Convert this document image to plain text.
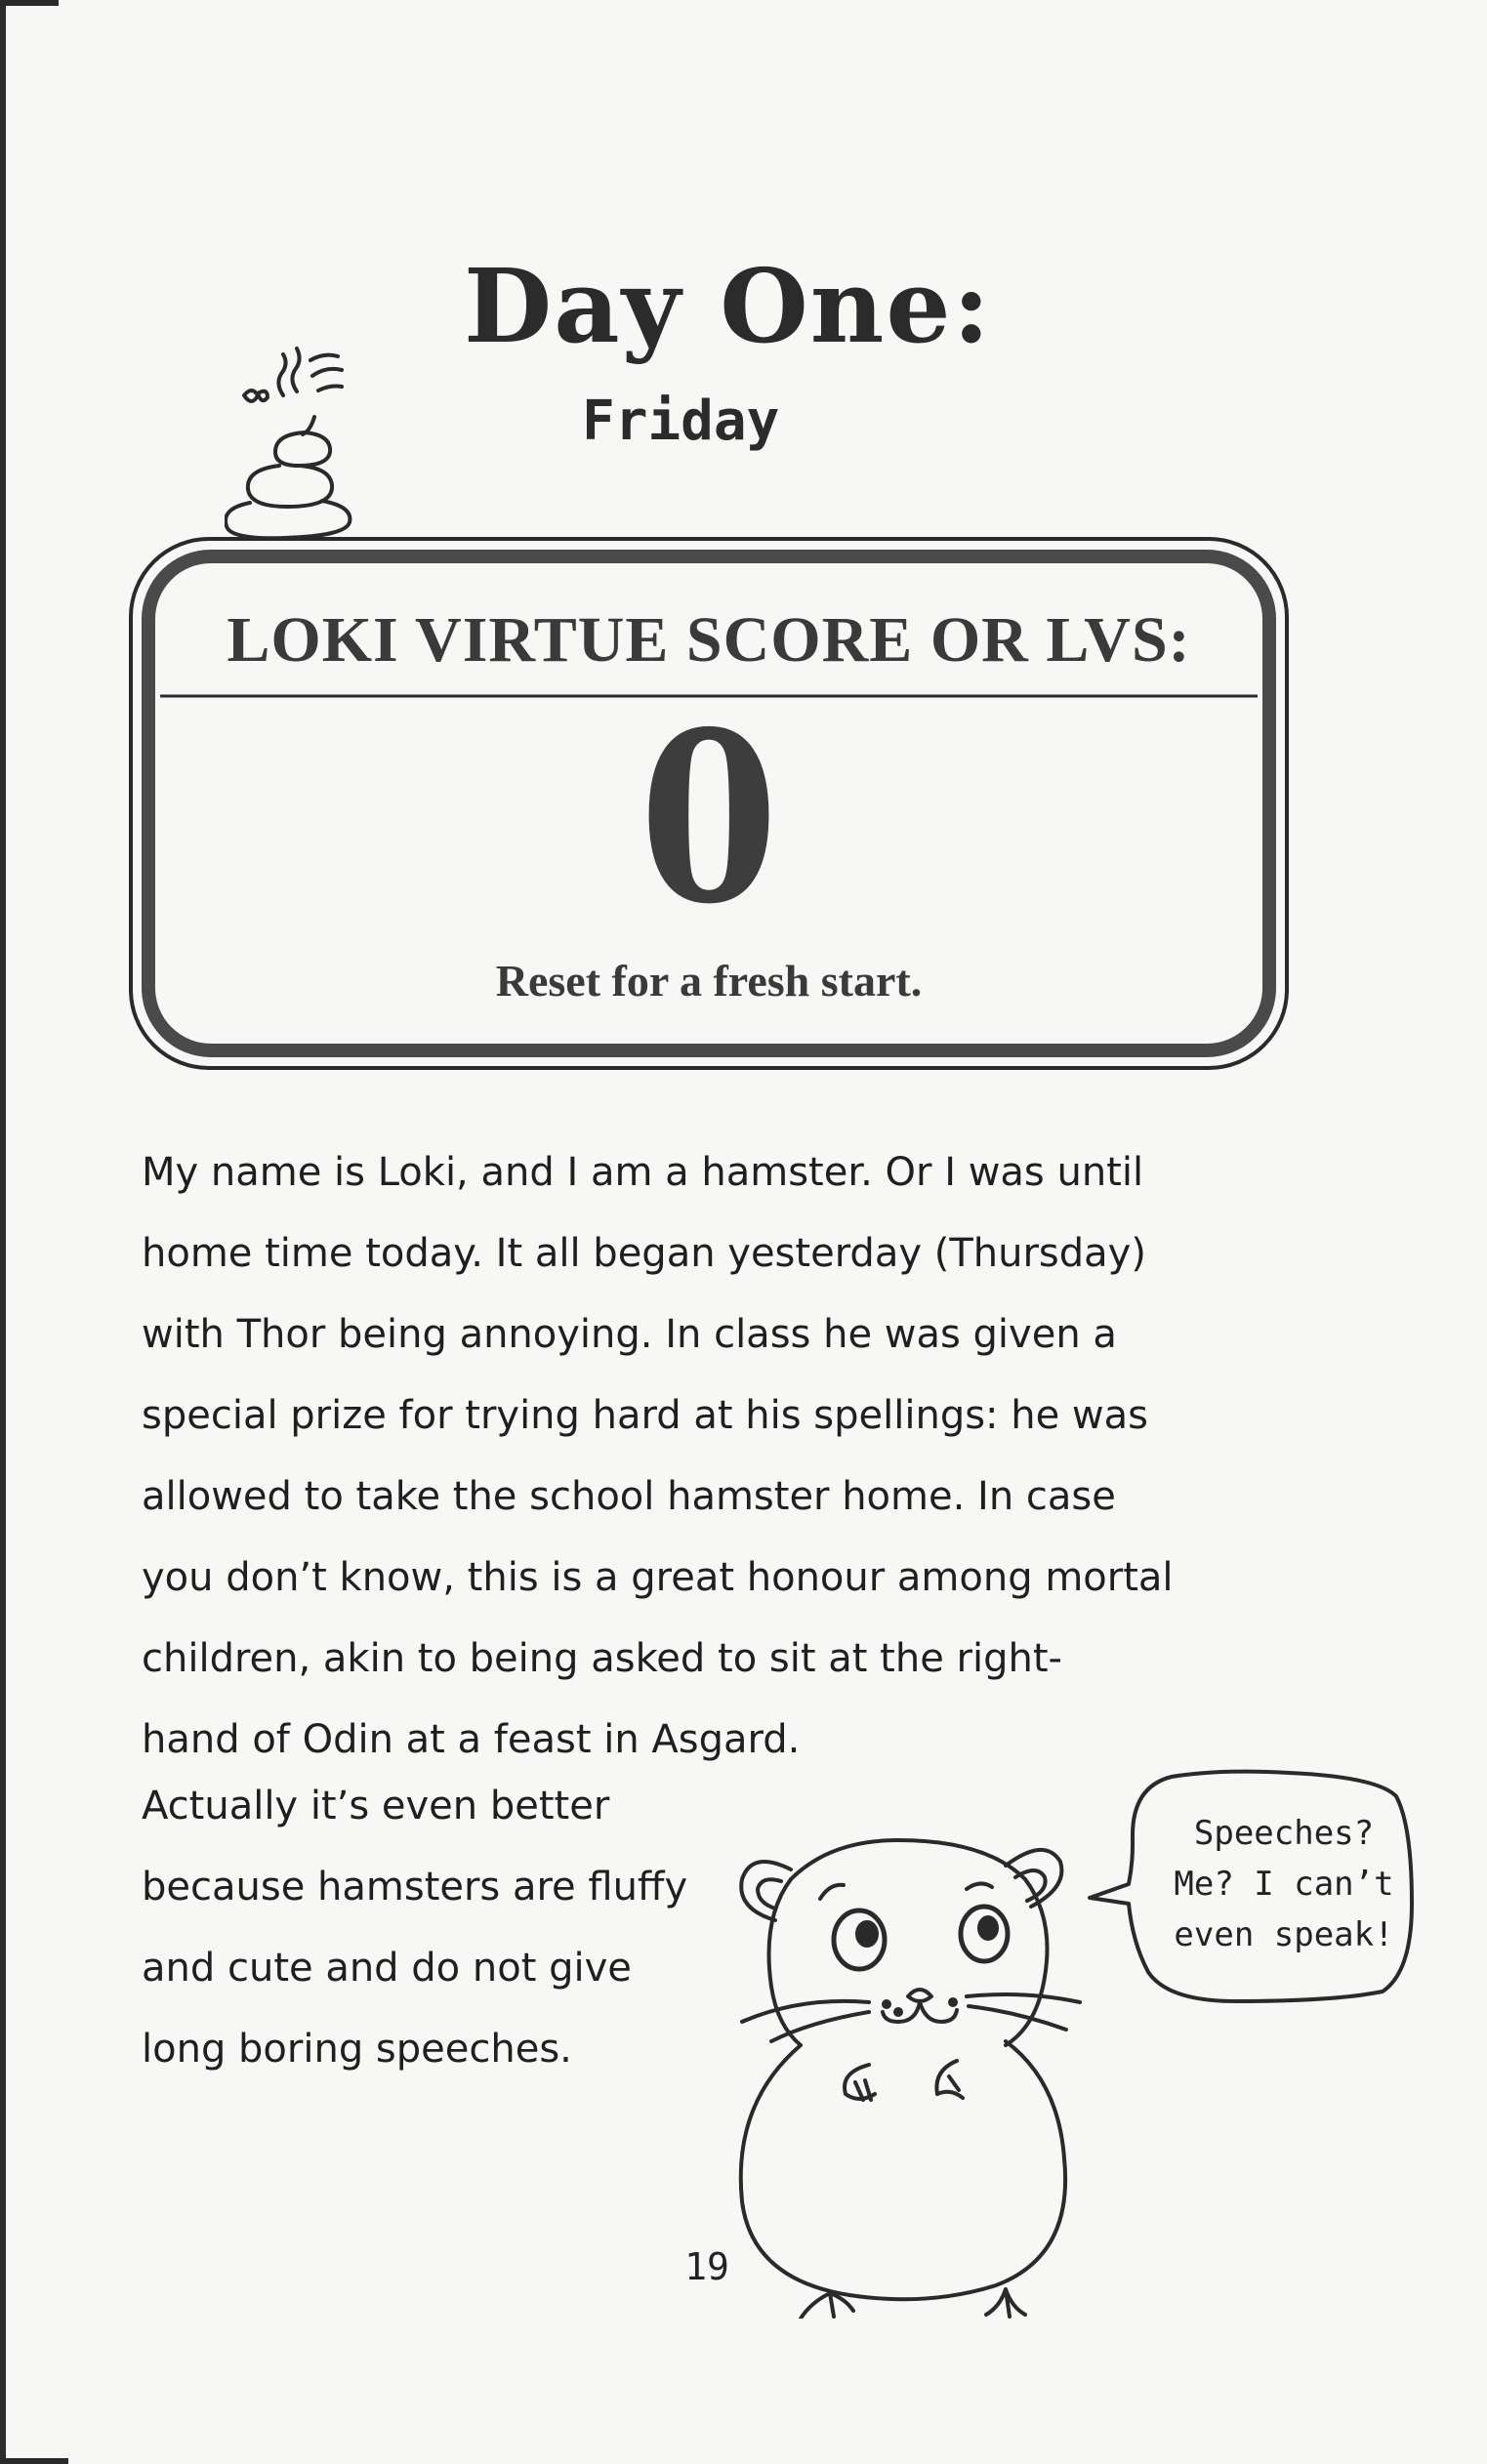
Day One:
Friday

LOKI VIRTUE SCORE OR LVS:

0

Reset for a fresh start.

My name is Loki, and I am a hamster. Or I was until
home time today. It all began yesterday (Thursday)
with Thor being annoying. In class he was given a
special prize for trying hard at his spellings: he was
allowed to take the school hamster home. In case
you don’t know, this is a great honour among mortal
children, akin to being asked to sit at the right-
hand of Odin at a feast in Asgard.
Actually it’s even better
because hamsters are fluffy
and cute and do not give
long boring speeches.
Speeches?
Me? I can’t
even speak!

19
